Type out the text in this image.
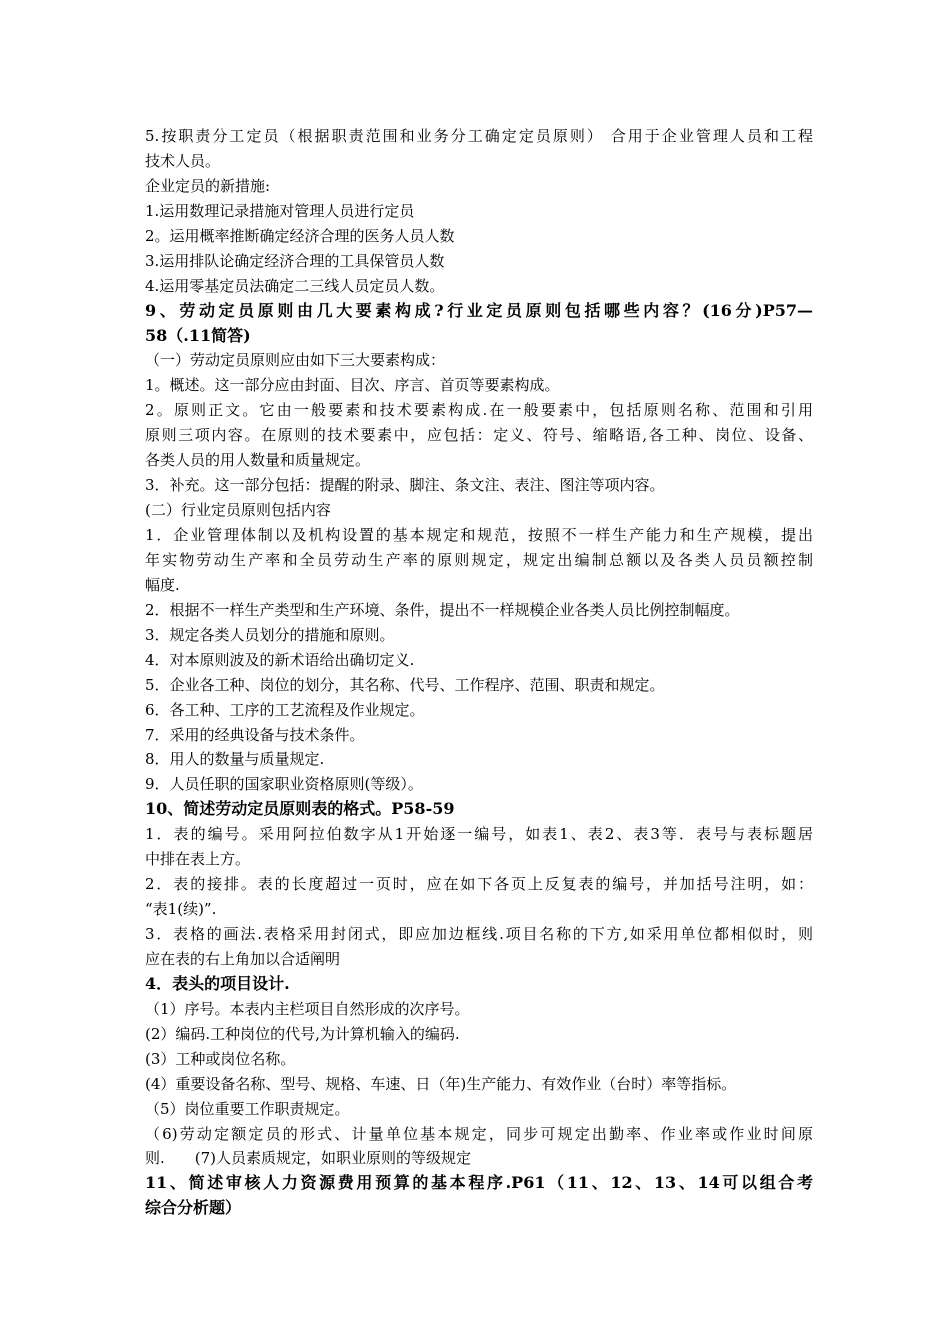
5.按职责分工定员（根据职责范围和业务分工确定定员原则） 合用于企业管理人员和工程
技术人员。
企业定员的新措施:
1.运用数理记录措施对管理人员进行定员
2。运用概率推断确定经济合理的医务人员人数
3.运用排队论确定经济合理的工具保管员人数
4.运用零基定员法确定二三线人员定员人数。
9、劳动定员原则由几大要素构成?行业定员原则包括哪些内容？(16分)P57—
58（.11简答)
（一）劳动定员原则应由如下三大要素构成：
1。概述。这一部分应由封面、目次、序言、首页等要素构成。
2。原则正文。它由一般要素和技术要素构成.在一般要素中，包括原则名称、范围和引用
原则三项内容。在原则的技术要素中，应包括：定义、符号、缩略语,各工种、岗位、设备、
各类人员的用人数量和质量规定。
3．补充。这一部分包括：提醒的附录、脚注、条文注、表注、图注等项内容。
(二）行业定员原则包括内容
1．企业管理体制以及机构设置的基本规定和规范，按照不一样生产能力和生产规模，提出
年实物劳动生产率和全员劳动生产率的原则规定，规定出编制总额以及各类人员员额控制
幅度.
2．根据不一样生产类型和生产环境、条件，提出不一样规模企业各类人员比例控制幅度。
3．规定各类人员划分的措施和原则。
4．对本原则波及的新术语给出确切定义.
5．企业各工种、岗位的划分，其名称、代号、工作程序、范围、职责和规定。
6．各工种、工序的工艺流程及作业规定。
7．采用的经典设备与技术条件。
8．用人的数量与质量规定.
9．人员任职的国家职业资格原则(等级）。
10、简述劳动定员原则表的格式。P58-59
1．表的编号。采用阿拉伯数字从1开始逐一编号，如表1、表2、表3等．表号与表标题居
中排在表上方。
2．表的接排。表的长度超过一页时，应在如下各页上反复表的编号，并加括号注明，如：
“表1(续)”.
3．表格的画法.表格采用封闭式，即应加边框线.项目名称的下方,如采用单位都相似时，则
应在表的右上角加以合适阐明
4．表头的项目设计.
（1）序号。本表内主栏项目自然形成的次序号。
(2）编码.工种岗位的代号,为计算机输入的编码.
(3）工种或岗位名称。
(4）重要设备名称、型号、规格、车速、日（年)生产能力、有效作业（台时）率等指标。
（5）岗位重要工作职责规定。
（6)劳动定额定员的形式、计量单位基本规定，同步可规定出勤率、作业率或作业时间原
则.　　(7)人员素质规定，如职业原则的等级规定
11、简述审核人力资源费用预算的基本程序.P61（11、12、13、14可以组合考
综合分析题）
